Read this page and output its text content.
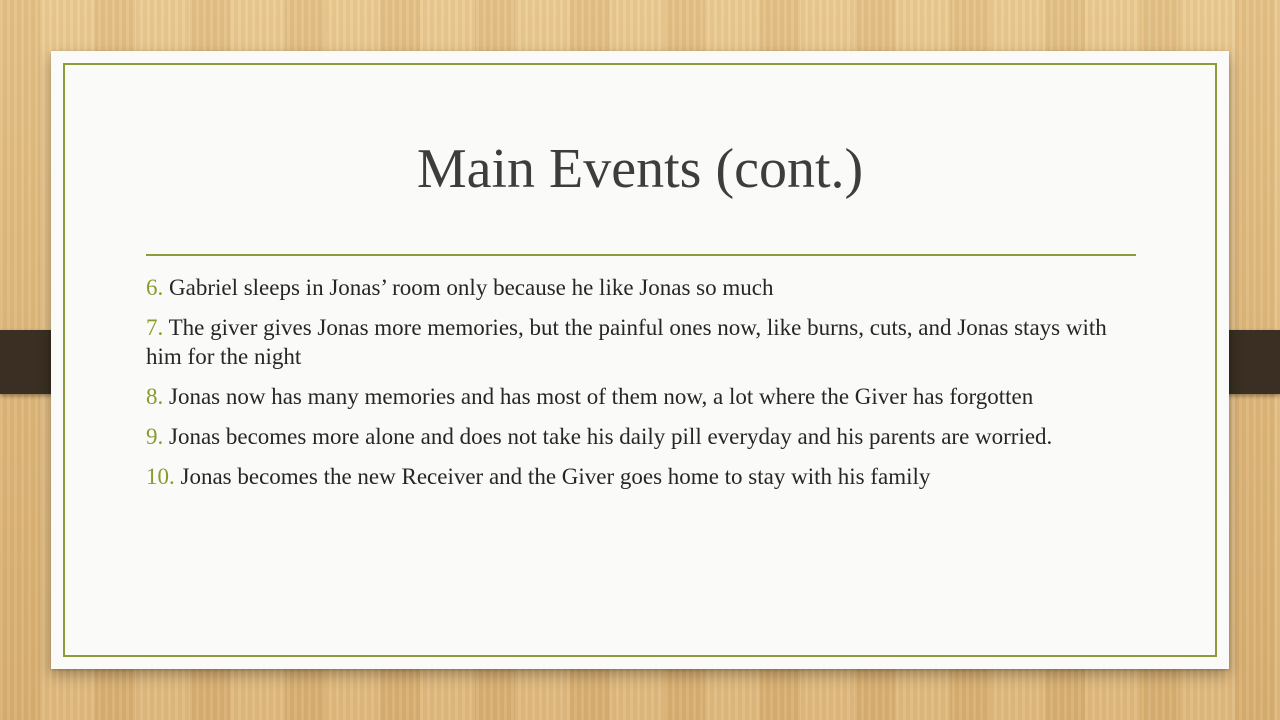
Main Events (cont.)
6. Gabriel sleeps in Jonas’ room only because he like Jonas so much
7. The giver gives Jonas more memories, but the painful ones now, like burns, cuts, and Jonas stays with him for the night
8. Jonas now has many memories and has most of them now, a lot where the Giver has forgotten
9. Jonas becomes more alone and does not take his daily pill everyday and his parents are worried.
10. Jonas becomes the new Receiver and the Giver goes home to stay with his family
